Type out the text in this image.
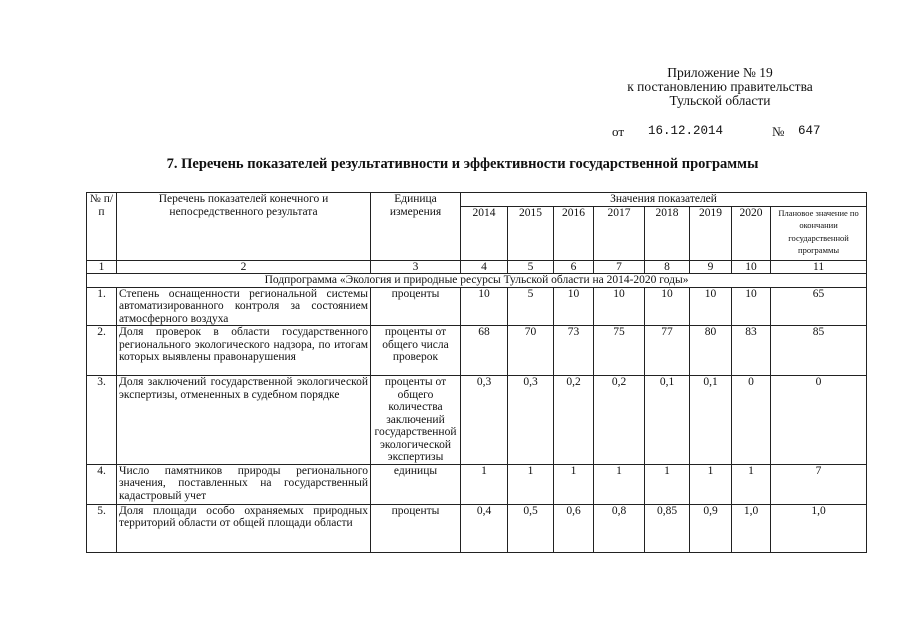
Приложение № 19
к постановлению правительства
Тульской области
от 16.12.2014	№ 647
7. Перечень показателей результативности и эффективности государственной программы
№ п/п	Перечень показателей конечного и непосредственного результата	Единица измерения	Значения показателей							
			2014	2015	2016	2017	2018	2019	2020	Плановое значение по окончании государственной программы
1	2	3	4	5	6	7	8	9	10	11
Подпрограмма «Экология и природные ресурсы Тульской области на 2014-2020 годы»										
1.	Степень оснащенности региональной системы автоматизированного контроля за состоянием атмосферного воздуха	проценты	10	5	10	10	10	10	10	65
2.	Доля проверок в области государственного регионального экологического надзора, по итогам которых выявлены правонарушения	проценты от общего числа проверок	68	70	73	75	77	80	83	85
3.	Доля заключений государственной экологической экспертизы, отмененных в судебном порядке	проценты от общего количества заключений государственной экологической экспертизы	0,3	0,3	0,2	0,2	0,1	0,1	0	0
4.	Число памятников природы регионального значения, поставленных на государственный кадастровый учет	единицы	1	1	1	1	1	1	1	7
5.	Доля площади особо охраняемых природных территорий области от общей площади области	проценты	0,4	0,5	0,6	0,8	0,85	0,9	1,0	1,0
